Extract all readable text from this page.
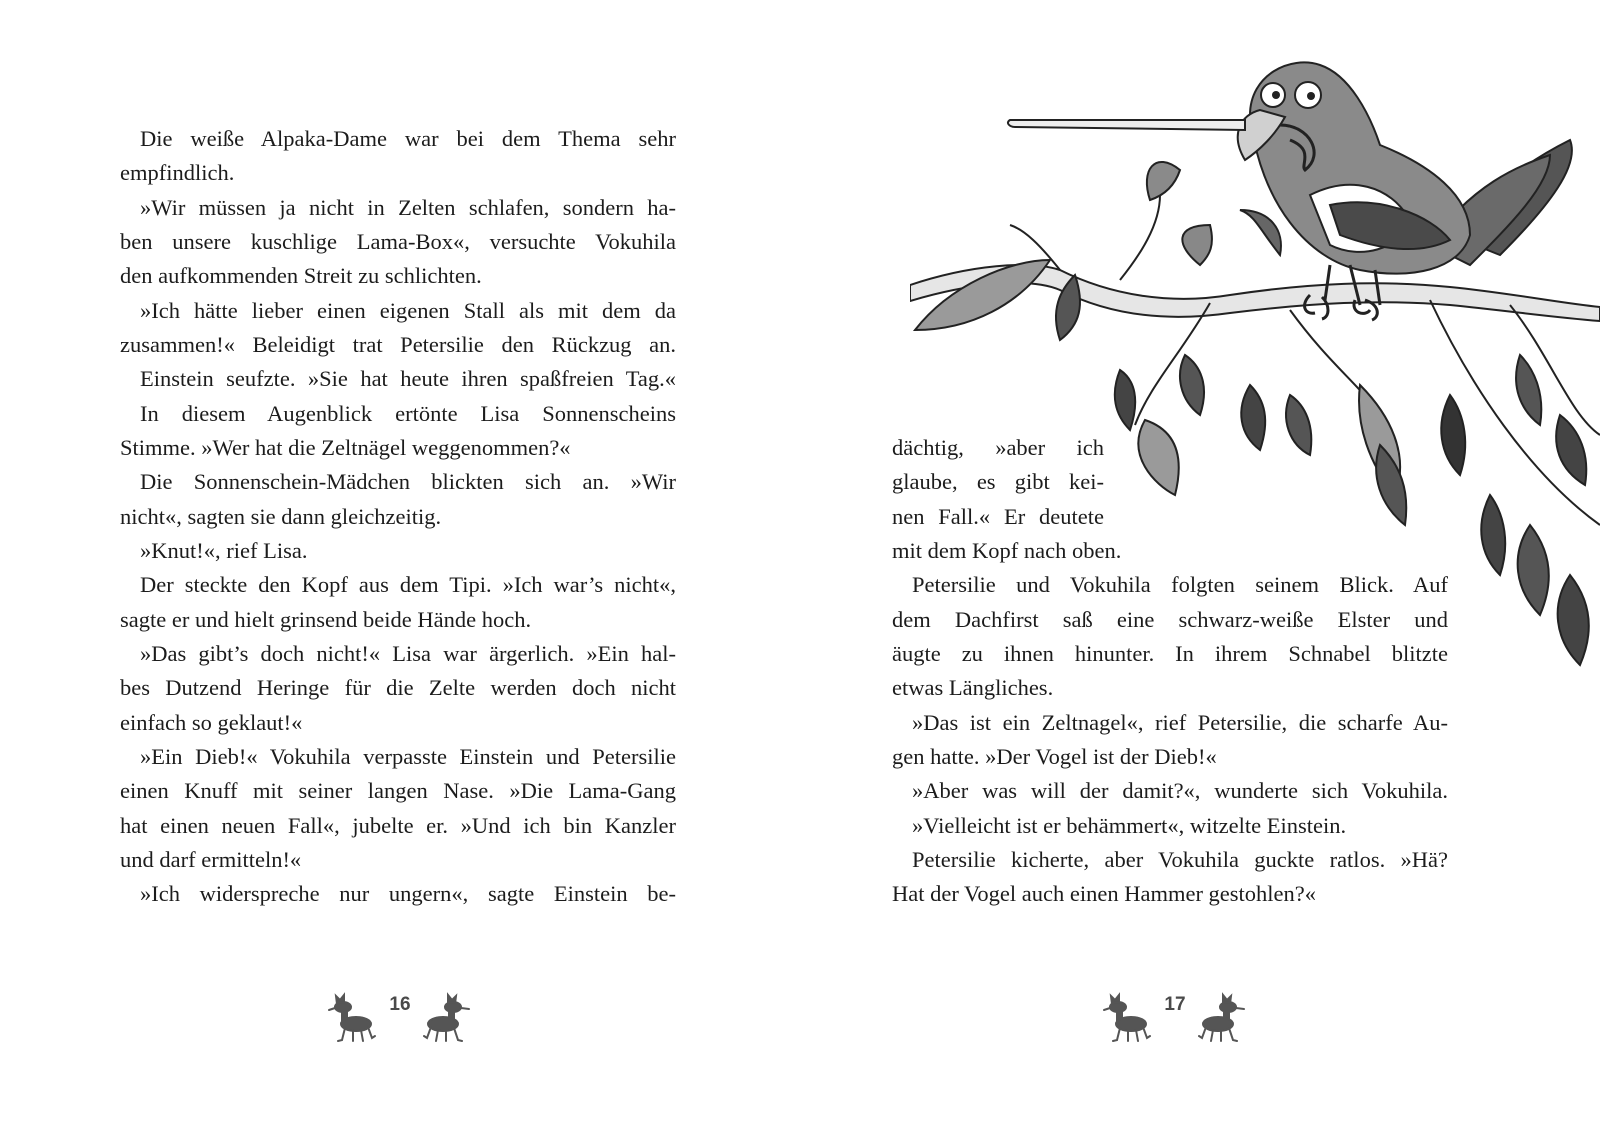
Die weiße Alpaka-Dame war bei dem Thema sehr
empfindlich.
»Wir müssen ja nicht in Zelten schlafen, sondern ha-
ben unsere kuschlige Lama-Box«, versuchte Vokuhila
den aufkommenden Streit zu schlichten.
»Ich hätte lieber einen eigenen Stall als mit dem da
zusammen!« Beleidigt trat Petersilie den Rückzug an.
Einstein seufzte. »Sie hat heute ihren spaßfreien Tag.«
In diesem Augenblick ertönte Lisa Sonnenscheins
Stimme. »Wer hat die Zeltnägel weggenommen?«
Die Sonnenschein-Mädchen blickten sich an. »Wir
nicht«, sagten sie dann gleichzeitig.
»Knut!«, rief Lisa.
Der steckte den Kopf aus dem Tipi. »Ich war’s nicht«,
sagte er und hielt grinsend beide Hände hoch.
»Das gibt’s doch nicht!« Lisa war ärgerlich. »Ein hal-
bes Dutzend Heringe für die Zelte werden doch nicht
einfach so geklaut!«
»Ein Dieb!« Vokuhila verpasste Einstein und Petersilie
einen Knuff mit seiner langen Nase. »Die Lama-Gang
hat einen neuen Fall«, jubelte er. »Und ich bin Kanzler
und darf ermitteln!«
»Ich widerspreche nur ungern«, sagte Einstein be-
16
dächtig, »aber ich
glaube, es gibt kei-
nen Fall.« Er deutete
mit dem Kopf nach oben.
Petersilie und Vokuhila folgten seinem Blick. Auf
dem Dachfirst saß eine schwarz-weiße Elster und
äugte zu ihnen hinunter. In ihrem Schnabel blitzte
etwas Längliches.
»Das ist ein Zeltnagel«, rief Petersilie, die scharfe Au-
gen hatte. »Der Vogel ist der Dieb!«
»Aber was will der damit?«, wunderte sich Vokuhila.
»Vielleicht ist er behämmert«, witzelte Einstein.
Petersilie kicherte, aber Vokuhila guckte ratlos. »Hä?
Hat der Vogel auch einen Hammer gestohlen?«
17
